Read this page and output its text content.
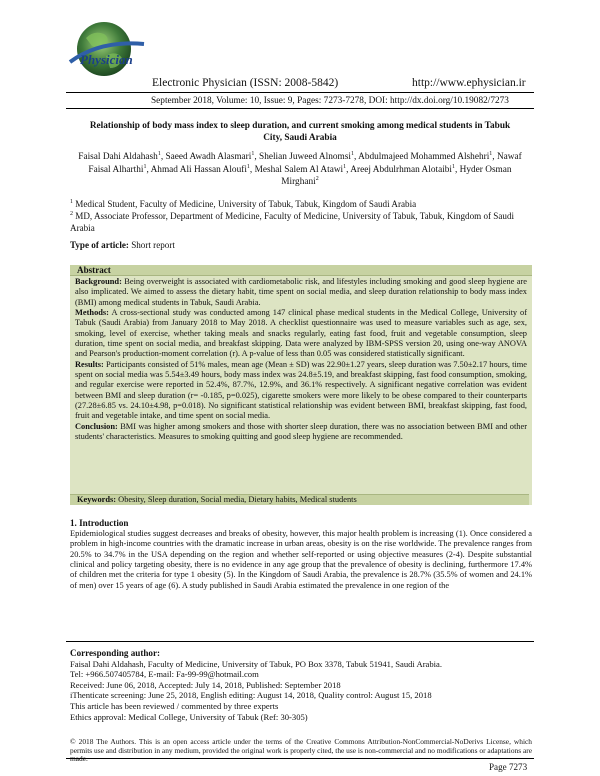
Physician
Electronic Physician (ISSN: 2008-5842)	http://www.ephysician.ir
September 2018, Volume: 10, Issue: 9, Pages: 7273-7278, DOI: http://dx.doi.org/10.19082/7273
Relationship of body mass index to sleep duration, and current smoking among medical students in Tabuk City, Saudi Arabia
Faisal Dahi Aldahash$^1$, Saeed Awadh Alasmari$^1$, Shelian Juweed Alnomsi$^1$, Abdulmajeed Mohammed Alshehri$^1$, Nawaf Faisal Alharthi$^1$, Ahmad Ali Hassan Aloufi$^1$, Meshal Salem Al Atawi$^1$, Areej Abdulrhman Alotaibi$^1$, Hyder Osman Mirghani$^2$
$^1$ Medical Student, Faculty of Medicine, University of Tabuk, Tabuk, Kingdom of Saudi Arabia
$^2$ MD, Associate Professor, Department of Medicine, Faculty of Medicine, University of Tabuk, Tabuk, Kingdom of Saudi Arabia
Type of article: Short report
Abstract

Background: Being overweight is associated with cardiometabolic risk, and lifestyles including smoking and good sleep hygiene are also implicated. We aimed to assess the dietary habit, time spent on social media, and sleep duration relationship to body mass index (BMI) among medical students in Tabuk, Saudi Arabia.

Methods: A cross-sectional study was conducted among 147 clinical phase medical students in the Medical College, University of Tabuk (Saudi Arabia) from January 2018 to May 2018. A checklist questionnaire was used to measure variables such as age, sex, smoking, level of exercise, whether taking meals and snacks regularly, eating fast food, fruit and vegetable consumption, sleep duration, time spent on social media, and breakfast skipping. Data were analyzed by IBM-SPSS version 20, using one-way ANOVA and Pearson's production-moment correlation (r). A p-value of less than 0.05 was considered statistically significant.

Results: Participants consisted of 51% males, mean age (Mean ± SD) was 22.90±1.27 years, sleep duration was 7.50±2.17 hours, time spent on social media was 5.54±3.49 hours, body mass index was 24.8±5.19, and breakfast skipping, fast food consumption, smoking, and regular exercise were reported in 52.4%, 87.7%, 12.9%, and 36.1% respectively. A significant negative correlation was evident between BMI and sleep duration (r= -0.185, p=0.025), cigarette smokers were more likely to be obese compared to their counterparts (27.28±6.85 vs. 24.10±4.98, p=0.018). No significant statistical relationship was evident between BMI, breakfast skipping, fast food, fruit and vegetable intake, and time spent on social media.

Conclusion: BMI was higher among smokers and those with shorter sleep duration, there was no association between BMI and other students' characteristics. Measures to smoking quitting and good sleep hygiene are recommended.

Keywords: Obesity, Sleep duration, Social media, Dietary habits, Medical students
1. Introduction

Epidemiological studies suggest decreases and breaks of obesity, however, this major health problem is increasing (1). Once considered a problem in high-income countries with the dramatic increase in urban areas, obesity is on the rise worldwide. The prevalence ranges from 20.5% to 34.7% in the USA depending on the region and whether self-reported or using objective measures (2-4). Despite substantial clinical and policy targeting obesity, there is no evidence in any age group that the prevalence of obesity is declining, furthermore 17.4% of children met the criteria for type 1 obesity (5). In the Kingdom of Saudi Arabia, the prevalence is 28.7% (35.5% of women and 24.1% of men) over 15 years of age (6). A study published in Saudi Arabia estimated the prevalence in one region of the

Corresponding author:
Faisal Dahi Aldahash, Faculty of Medicine, University of Tabuk, PO Box 3378, Tabuk 51941, Saudi Arabia.
Tel: +966.507405784, E-mail: Fa-99-99@hotmail.com
Received: June 06, 2018, Accepted: July 14, 2018, Published: September 2018
iThenticate screening: June 25, 2018, English editing: August 14, 2018, Quality control: August 15, 2018
This article has been reviewed / commented by three experts
Ethics approval: Medical College, University of Tabuk (Ref: 30-305)
© 2018 The Authors. This is an open access article under the terms of the Creative Commons Attribution-NonCommercial-NoDerivs License, which permits use and distribution in any medium, provided the original work is properly cited, the use is non-commercial and no modifications or adaptations are made.
Page 7273
